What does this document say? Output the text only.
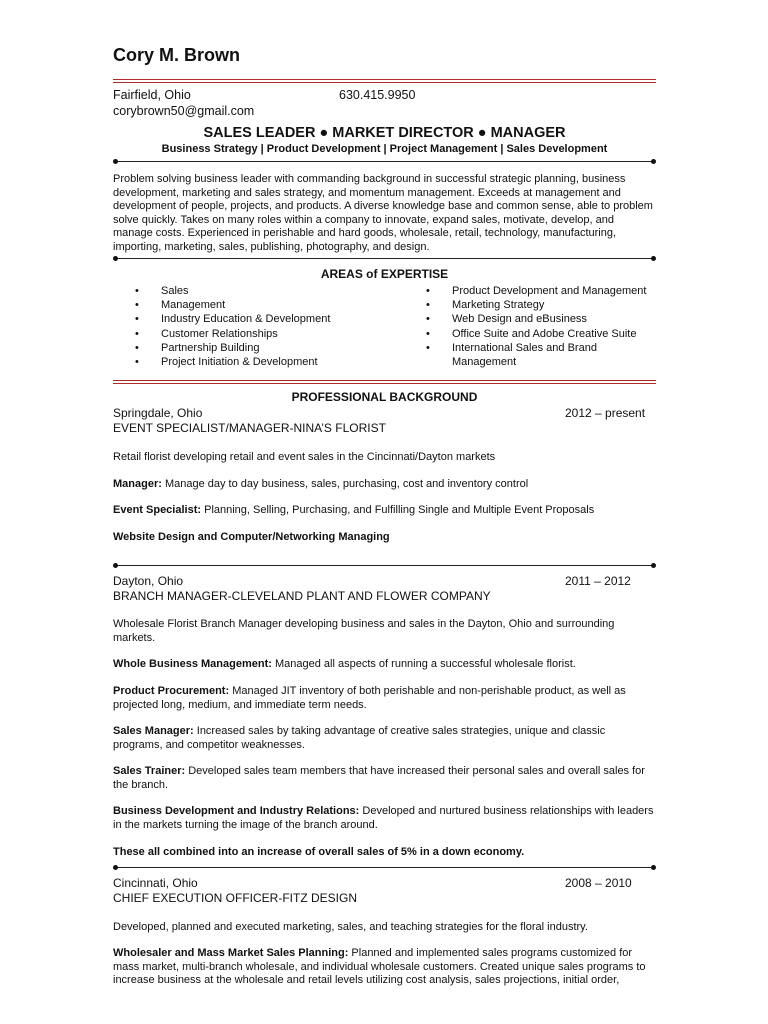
Cory M. Brown
Fairfield, Ohio	630.415.9950
corybrown50@gmail.com
SALES LEADER ● MARKET DIRECTOR ● MANAGER
Business Strategy | Product Development | Project Management | Sales Development
Problem solving business leader with commanding background in successful strategic planning, business development, marketing and sales strategy, and momentum management. Exceeds at management and development of people, projects, and products. A diverse knowledge base and common sense, able to problem solve quickly. Takes on many roles within a company to innovate, expand sales, motivate, develop, and manage costs. Experienced in perishable and hard goods, wholesale, retail, technology, manufacturing, importing, marketing, sales, publishing, photography, and design.
AREAS of EXPERTISE
• Sales
• Management
• Industry Education & Development
• Customer Relationships
• Partnership Building
• Project Initiation & Development
• Product Development and Management
• Marketing Strategy
• Web Design and eBusiness
• Office Suite and Adobe Creative Suite
• International Sales and Brand Management
PROFESSIONAL BACKGROUND
Springdale, Ohio	2012 – present
EVENT SPECIALIST/MANAGER-NINA’S FLORIST
Retail florist developing retail and event sales in the Cincinnati/Dayton markets
Manager: Manage day to day business, sales, purchasing, cost and inventory control
Event Specialist: Planning, Selling, Purchasing, and Fulfilling Single and Multiple Event Proposals
Website Design and Computer/Networking Managing
Dayton, Ohio	2011 – 2012
BRANCH MANAGER-CLEVELAND PLANT AND FLOWER COMPANY
Wholesale Florist Branch Manager developing business and sales in the Dayton, Ohio and surrounding markets.
Whole Business Management: Managed all aspects of running a successful wholesale florist.
Product Procurement: Managed JIT inventory of both perishable and non-perishable product, as well as projected long, medium, and immediate term needs.
Sales Manager: Increased sales by taking advantage of creative sales strategies, unique and classic programs, and competitor weaknesses.
Sales Trainer: Developed sales team members that have increased their personal sales and overall sales for the branch.
Business Development and Industry Relations: Developed and nurtured business relationships with leaders in the markets turning the image of the branch around.
These all combined into an increase of overall sales of 5% in a down economy.
Cincinnati, Ohio	2008 – 2010
CHIEF EXECUTION OFFICER-FITZ DESIGN
Developed, planned and executed marketing, sales, and teaching strategies for the floral industry.
Wholesaler and Mass Market Sales Planning: Planned and implemented sales programs customized for mass market, multi-branch wholesale, and individual wholesale customers. Created unique sales programs to increase business at the wholesale and retail levels utilizing cost analysis, sales projections, initial order,
